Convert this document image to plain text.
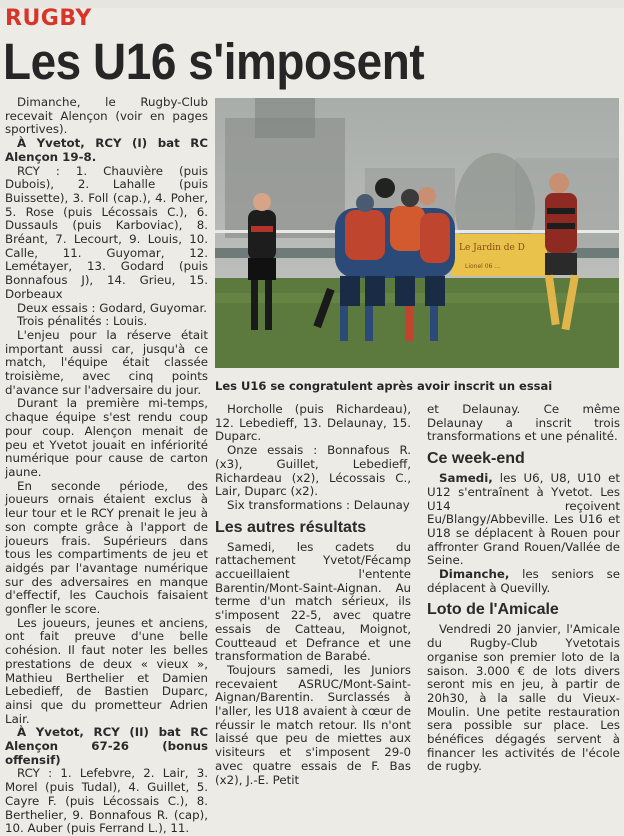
RUGBY
Les U16 s'imposent

Dimanche, le Rugby-Club recevait Alençon (voir en pages sportives).

À Yvetot, RCY (I) bat RC Alençon 19-8.

RCY : 1. Chauvière (puis Dubois), 2. Lahalle (puis Buissette), 3. Foll (cap.), 4. Poher, 5. Rose (puis Lécossais C.), 6. Dussauls (puis Karboviac), 8. Bréant, 7. Lecourt, 9. Louis, 10. Calle, 11. Guyomar, 12. Lemétayer, 13. Godard (puis Bonnafous J), 14. Grieu, 15. Dorbeaux

Deux essais : Godard, Guyomar.

Trois pénalités : Louis.

L'enjeu pour la réserve était important aussi car, jusqu'à ce match, l'équipe était classée troisième, avec cinq points d'avance sur l'adversaire du jour.

Durant la première mi-temps, chaque équipe s'est rendu coup pour coup. Alençon menait de peu et Yvetot jouait en infériorité numérique pour cause de carton jaune.

En seconde période, des joueurs ornais étaient exclus à leur tour et le RCY prenait le jeu à son compte grâce à l'apport de joueurs frais. Supérieurs dans tous les compartiments de jeu et aidgés par l'avantage numérique sur des adversaires en manque d'effectif, les Cauchois faisaient gonfler le score.

Les joueurs, jeunes et anciens, ont fait preuve d'une belle cohésion. Il faut noter les belles prestations de deux « vieux », Mathieu Berthelier et Damien Lebedieff, de Bastien Duparc, ainsi que du prometteur Adrien Lair.

À Yvetot, RCY (II) bat RC Alençon 67-26 (bonus offensif)

RCY : 1. Lefebvre, 2. Lair, 3. Morel (puis Tudal), 4. Guillet, 5. Cayre F. (puis Lécossais C.), 8. Berthelier, 9. Bonnafous R. (cap), 10. Auber (puis Ferrand L.), 11.

Le Jardin de D
Lionel 06 ...
Les U16 se congratulent après avoir inscrit un essai

Horcholle (puis Richardeau), 12. Lebedieff, 13. Delaunay, 15. Duparc.

Onze essais : Bonnafous R. (x3), Guillet, Lebedieff, Richardeau (x2), Lécossais C., Lair, Duparc (x2).

Six transformations : Delaunay

Les autres résultats

Samedi, les cadets du rattachement Yvetot/Fécamp accueillaient l'entente Barentin/Mont-Saint-Aignan. Au terme d'un match sérieux, ils s'imposent 22-5, avec quatre essais de Catteau, Moignot, Coutteaud et Defrance et une transformation de Barabé.

Toujours samedi, les Juniors recevaient ASRUC/Mont-Saint-Aignan/Barentin. Surclassés à l'aller, les U18 avaient à cœur de réussir le match retour. Ils n'ont laissé que peu de miettes aux visiteurs et s'imposent 29-0 avec quatre essais de F. Bas (x2), J.-E. Petit

et Delaunay. Ce même Delaunay a inscrit trois transformations et une pénalité.

Ce week-end

Samedi, les U6, U8, U10 et U12 s'entraînent à Yvetot. Les U14 reçoivent Eu/Blangy/Abbeville. Les U16 et U18 se déplacent à Rouen pour affronter Grand Rouen/Vallée de Seine.

Dimanche, les seniors se déplacent à Quevilly.

Loto de l'Amicale

Vendredi 20 janvier, l'Amicale du Rugby-Club Yvetotais organise son premier loto de la saison. 3.000 € de lots divers seront mis en jeu, à partir de 20h30, à la salle du Vieux-Moulin. Une petite restauration sera possible sur place. Les bénéfices dégagés servent à financer les activités de l'école de rugby.
